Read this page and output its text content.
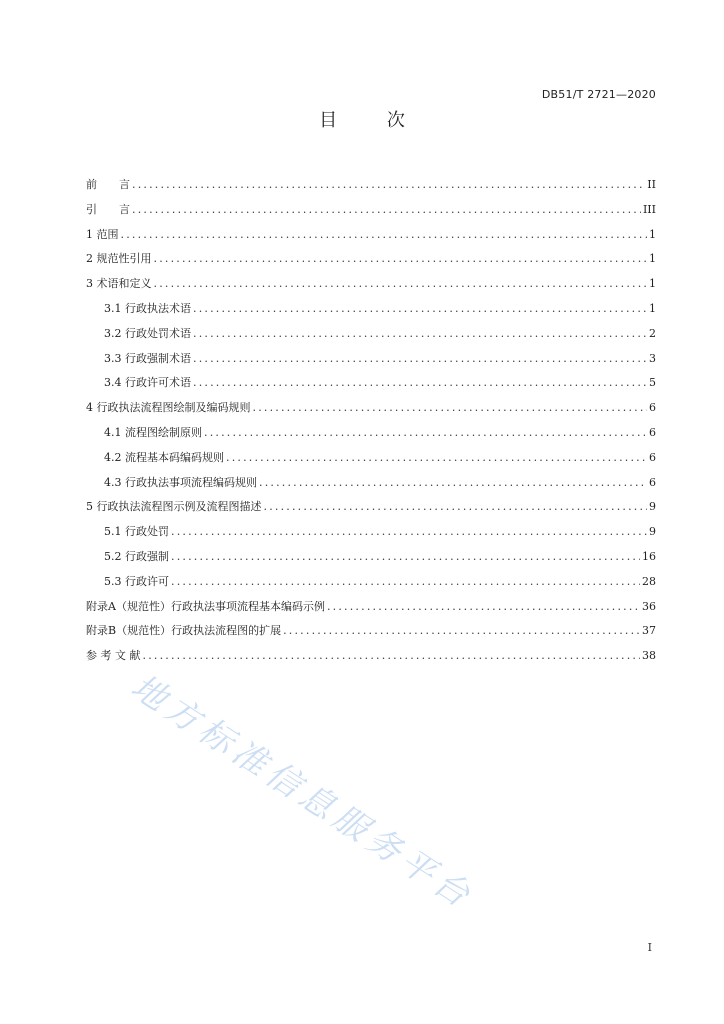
DB51/T 2721—2020
目	次
前　　言 .....	II
引　　言 .....	III
1 范围 .....	1
2 规范性引用 .....	1
3 术语和定义 .....	1
3.1 行政执法术语 .....	1
3.2 行政处罚术语 .....	2
3.3 行政强制术语 .....	3
3.4 行政许可术语 .....	5
4 行政执法流程图绘制及编码规则 .....	6
4.1 流程图绘制原则 .....	6
4.2 流程基本码编码规则 .....	6
4.3 行政执法事项流程编码规则 .....	6
5 行政执法流程图示例及流程图描述 .....	9
5.1 行政处罚 .....	9
5.2 行政强制 .....	16
5.3 行政许可 .....	28
附录A（规范性）行政执法事项流程基本编码示例 .....	36
附录B（规范性）行政执法流程图的扩展 .....	37
参 考 文 献 .....	38
地方标准信息服务平台
I
